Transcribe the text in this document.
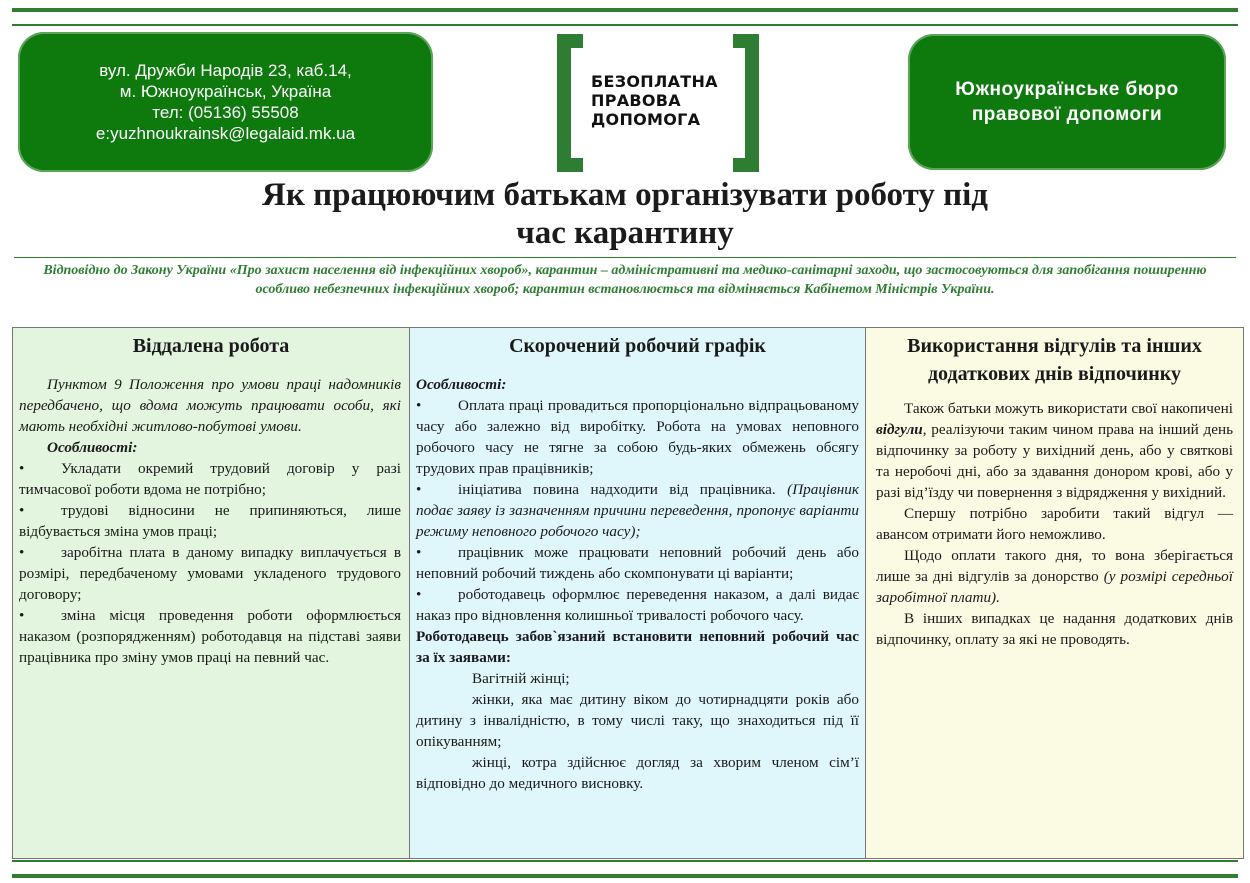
вул. Дружби Народів 23, каб.14,
м. Южноукраїнськ, Україна
тел: (05136) 55508
e:yuzhnoukrainsk@legalaid.mk.ua
БЕЗОПЛАТНА
ПРАВОВА
ДОПОМОГА
Южноукраїнське бюро
правової допомоги
Як працюючим батькам організувати роботу під
час карантину
Відповідно до Закону України «Про захист населення від інфекційних хвороб», карантин – адміністративні та медико-санітарні заходи, що застосовуються для запобігання поширенню особливо небезпечних інфекційних хвороб; карантин встановлюється та відміняється Кабінетом Міністрів України.
Віддалена робота

Пунктом 9 Положення про умови праці надомників передбачено, що вдома можуть працювати особи, які мають необхідні житлово-побутові умови.

Особливості:

• Укладати окремий трудовий договір у разі тимчасової роботи вдома не потрібно;

• трудові відносини не припиняються, лише відбувається зміна умов праці;

• заробітна плата в даному випадку виплачується в розмірі, передбаченому умовами укладеного трудового договору;

• зміна місця проведення роботи оформлюється наказом (розпорядженням) роботодавця на підставі заяви працівника про зміну умов праці на певний час.

Скорочений робочий графік

Особливості:

• Оплата праці провадиться пропорціонально відпрацьованому часу або залежно від виробітку. Робота на умовах неповного робочого часу не тягне за собою будь-яких обмежень обсягу трудових прав працівників;

• ініціатива повина надходити від працівника. (Працівник подає заяву із зазначенням причини переведення, пропонує варіанти режиму неповного робочого часу);

• працівник може працювати неповний робочий день або неповний робочий тиждень або скомпонувати ці варіанти;

• роботодавець оформлює переведення наказом, а далі видає наказ про відновлення колишньої тривалості робочого часу.

Роботодавець забов`язаний встановити неповний робочий час за їх заявами:

Вагітній жінці;

жінки, яка має дитину віком до чотирнадцяти років або дитину з інвалідністю, в тому числі таку, що знаходиться під її опікуванням;

жінці, котра здійснює догляд за хворим членом сім’ї відповідно до медичного висновку.

Використання відгулів та інших додаткових днів відпочинку

Також батьки можуть використати свої накопичені відгули, реалізуючи таким чином права на інший день відпочинку за роботу у вихідний день, або у святкові та неробочі дні, або за здавання донором крові, або у разі від’їзду чи повернення з відрядження у вихідний.

Спершу потрібно заробити такий відгул — авансом отримати його неможливо.

Щодо оплати такого дня, то вона зберігається лише за дні відгулів за донорство (у розмірі середньої заробітної плати).

В інших випадках це надання додаткових днів відпочинку, оплату за які не проводять.
